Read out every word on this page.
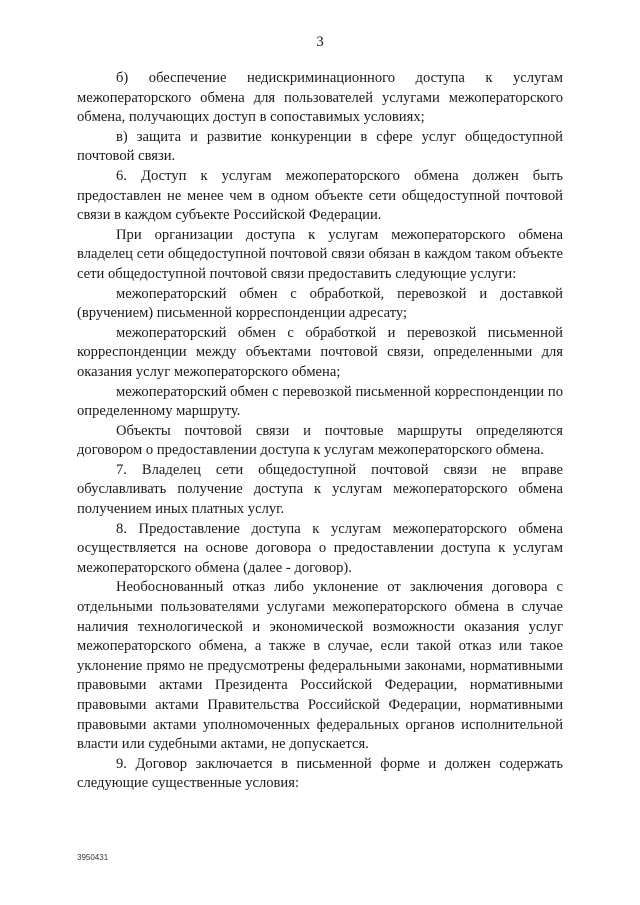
3

б) обеспечение недискриминационного доступа к услугам межоператорского обмена для пользователей услугами межоператорского обмена, получающих доступ в сопоставимых условиях;

в) защита и развитие конкуренции в сфере услуг общедоступной почтовой связи.

6. Доступ к услугам межоператорского обмена должен быть предоставлен не менее чем в одном объекте сети общедоступной почтовой связи в каждом субъекте Российской Федерации.

При организации доступа к услугам межоператорского обмена владелец сети общедоступной почтовой связи обязан в каждом таком объекте сети общедоступной почтовой связи предоставить следующие услуги:

межоператорский обмен с обработкой, перевозкой и доставкой (вручением) письменной корреспонденции адресату;

межоператорский обмен с обработкой и перевозкой письменной корреспонденции между объектами почтовой связи, определенными для оказания услуг межоператорского обмена;

межоператорский обмен с перевозкой письменной корреспонденции по определенному маршруту.

Объекты почтовой связи и почтовые маршруты определяются договором о предоставлении доступа к услугам межоператорского обмена.

7. Владелец сети общедоступной почтовой связи не вправе обуславливать получение доступа к услугам межоператорского обмена получением иных платных услуг.

8. Предоставление доступа к услугам межоператорского обмена осуществляется на основе договора о предоставлении доступа к услугам межоператорского обмена (далее - договор).

Необоснованный отказ либо уклонение от заключения договора с отдельными пользователями услугами межоператорского обмена в случае наличия технологической и экономической возможности оказания услуг межоператорского обмена, а также в случае, если такой отказ или такое уклонение прямо не предусмотрены федеральными законами, нормативными правовыми актами Президента Российской Федерации, нормативными правовыми актами Правительства Российской Федерации, нормативными правовыми актами уполномоченных федеральных органов исполнительной власти или судебными актами, не допускается.

9. Договор заключается в письменной форме и должен содержать следующие существенные условия:

3950431
